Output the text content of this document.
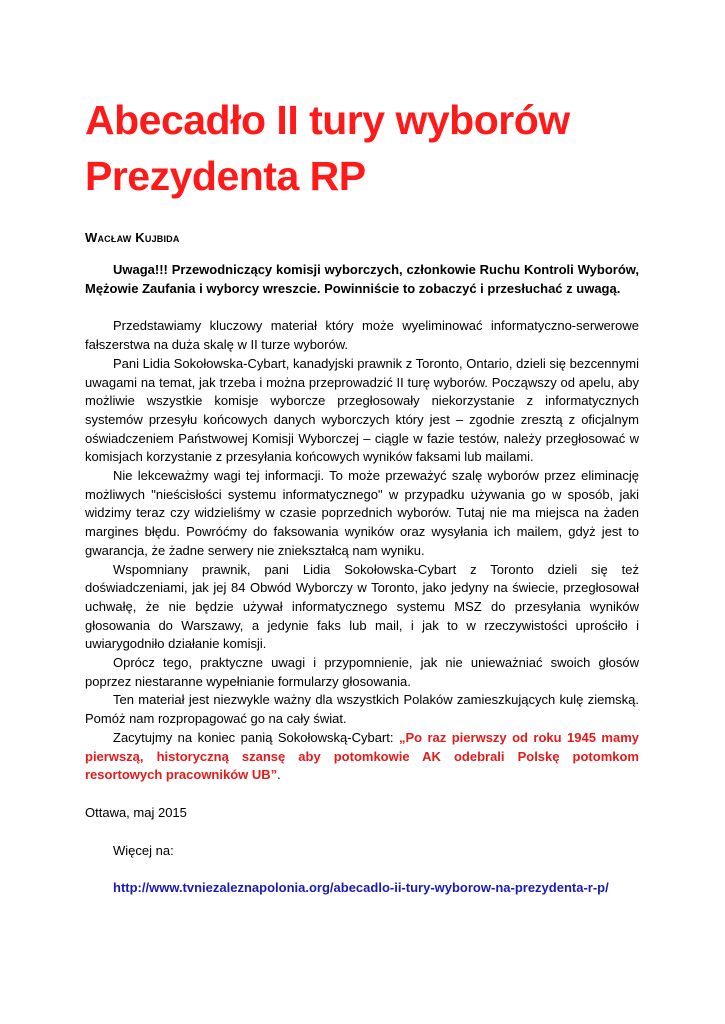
Abecadło II tury wyborów
Prezydenta RP
Wacław Kujbida

Uwaga!!! Przewodniczący komisji wyborczych, członkowie Ruchu Kontroli Wyborów, Mężowie Zaufania i wyborcy wreszcie. Powinniście to zobaczyć i przesłuchać z uwagą.

Przedstawiamy kluczowy materiał który może wyeliminować informatyczno-serwerowe fałszerstwa na duża skalę w II turze wyborów.

Pani Lidia Sokołowska-Cybart, kanadyjski prawnik z Toronto, Ontario, dzieli się bezcennymi uwagami na temat, jak trzeba i można przeprowadzić II turę wyborów. Począwszy od apelu, aby możliwie wszystkie komisje wyborcze przegłosowały niekorzystanie z informatycznych systemów przesyłu końcowych danych wyborczych który jest – zgodnie zresztą z oficjalnym oświadczeniem Państwowej Komisji Wyborczej – ciągle w fazie testów, należy przegłosować w komisjach korzystanie z przesyłania końcowych wyników faksami lub mailami.

Nie lekceważmy wagi tej informacji. To może przeważyć szalę wyborów przez eliminację możliwych "nieścisłości systemu informatycznego" w przypadku używania go w sposób, jaki widzimy teraz czy widzieliśmy w czasie poprzednich wyborów. Tutaj nie ma miejsca na żaden margines błędu. Powróćmy do faksowania wyników oraz wysyłania ich mailem, gdyż jest to gwarancja, że żadne serwery nie zniekształcą nam wyniku.

Wspomniany prawnik, pani Lidia Sokołowska-Cybart z Toronto dzieli się też doświadczeniami, jak jej 84 Obwód Wyborczy w Toronto, jako jedyny na świecie, przegłosował uchwałę, że nie będzie używał informatycznego systemu MSZ do przesyłania wyników głosowania do Warszawy, a jedynie faks lub mail, i jak to w rzeczywistości uprościło i uwiarygodniło działanie komisji.

Oprócz tego, praktyczne uwagi i przypomnienie, jak nie unieważniać swoich głosów poprzez niestaranne wypełnianie formularzy głosowania.

Ten materiał jest niezwykle ważny dla wszystkich Polaków zamieszkujących kulę ziemską. Pomóż nam rozpropagować go na cały świat.

Zacytujmy na koniec panią Sokołowską-Cybart: „Po raz pierwszy od roku 1945 mamy pierwszą, historyczną szansę aby potomkowie AK odebrali Polskę potomkom resortowych pracowników UB”.

Ottawa, maj 2015

Więcej na:

http://www.tvniezaleznapolonia.org/abecadlo-ii-tury-wyborow-na-prezydenta-r-p/
